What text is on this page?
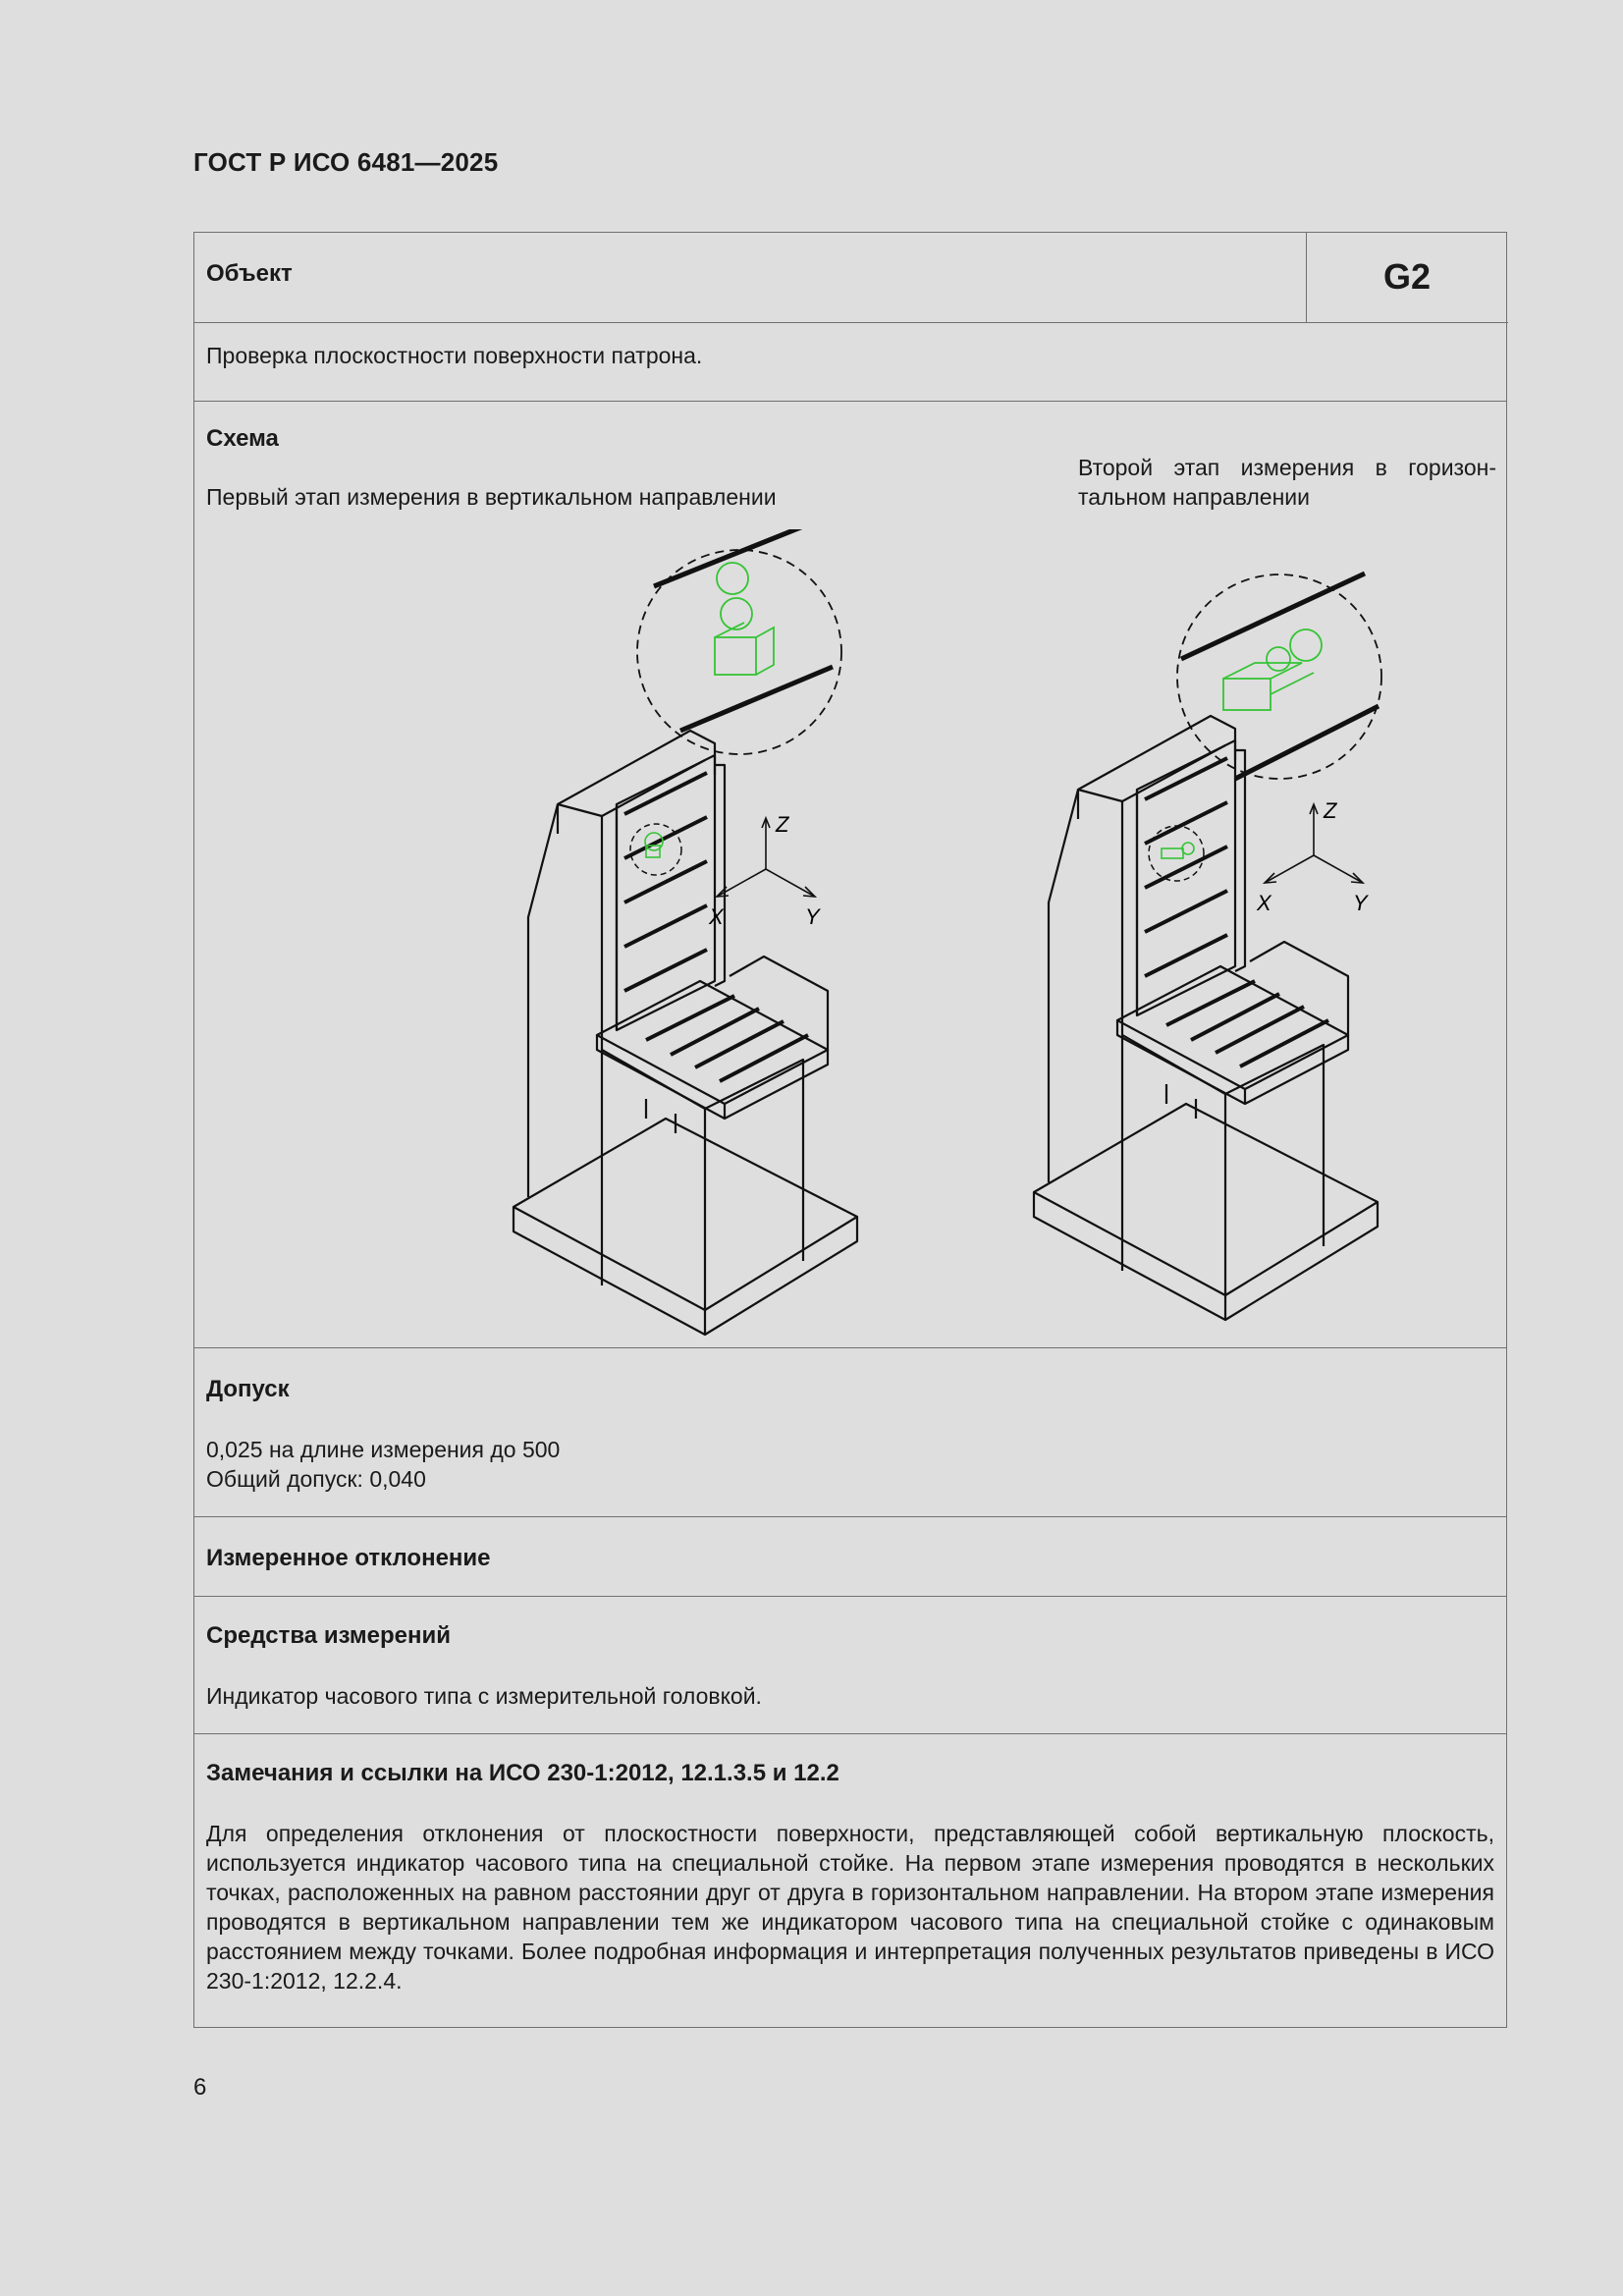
ГОСТ Р ИСО 6481—2025
Объект	G2
Проверка плоскостности поверхности патрона.
Схема
Первый этап измерения в вертикальном направлении
Второй этап измерения в горизонтальном направлении
Z
X	Y
Z
X	Y
Допуск
0,025 на длине измерения до 500
Общий допуск: 0,040
Измеренное отклонение
Средства измерений
Индикатор часового типа с измерительной головкой.
Замечания и ссылки на ИСО 230-1:2012, 12.1.3.5 и 12.2
Для определения отклонения от плоскостности поверхности, представляющей собой вертикальную плоскость, используется индикатор часового типа на специальной стойке. На первом этапе измерения проводятся в нескольких точках, расположенных на равном расстоянии друг от друга в горизонтальном направлении. На втором этапе измерения проводятся в вертикальном направлении тем же индикатором часового типа на специальной стойке с одинаковым расстоянием между точками. Более подробная информация и интерпретация полученных результатов приведены в ИСО 230-1:2012, 12.2.4.
6
